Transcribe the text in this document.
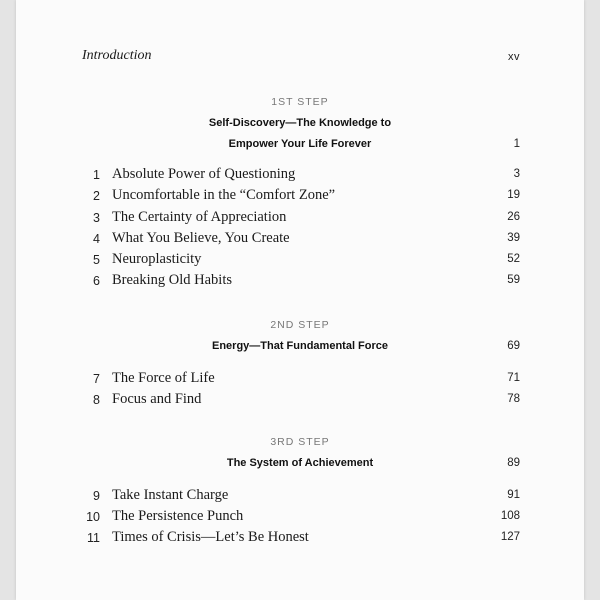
Introduction	xv
1ST STEP
Self-Discovery—The Knowledge to
Empower Your Life Forever	1
1 Absolute Power of Questioning	3
2 Uncomfortable in the “Comfort Zone”	19
3 The Certainty of Appreciation	26
4 What You Believe, You Create	39
5 Neuroplasticity	52
6 Breaking Old Habits	59
2ND STEP
Energy—That Fundamental Force	69
7 The Force of Life	71
8 Focus and Find	78
3RD STEP
The System of Achievement	89
9 Take Instant Charge	91
10 The Persistence Punch	108
11 Times of Crisis—Let’s Be Honest	127
